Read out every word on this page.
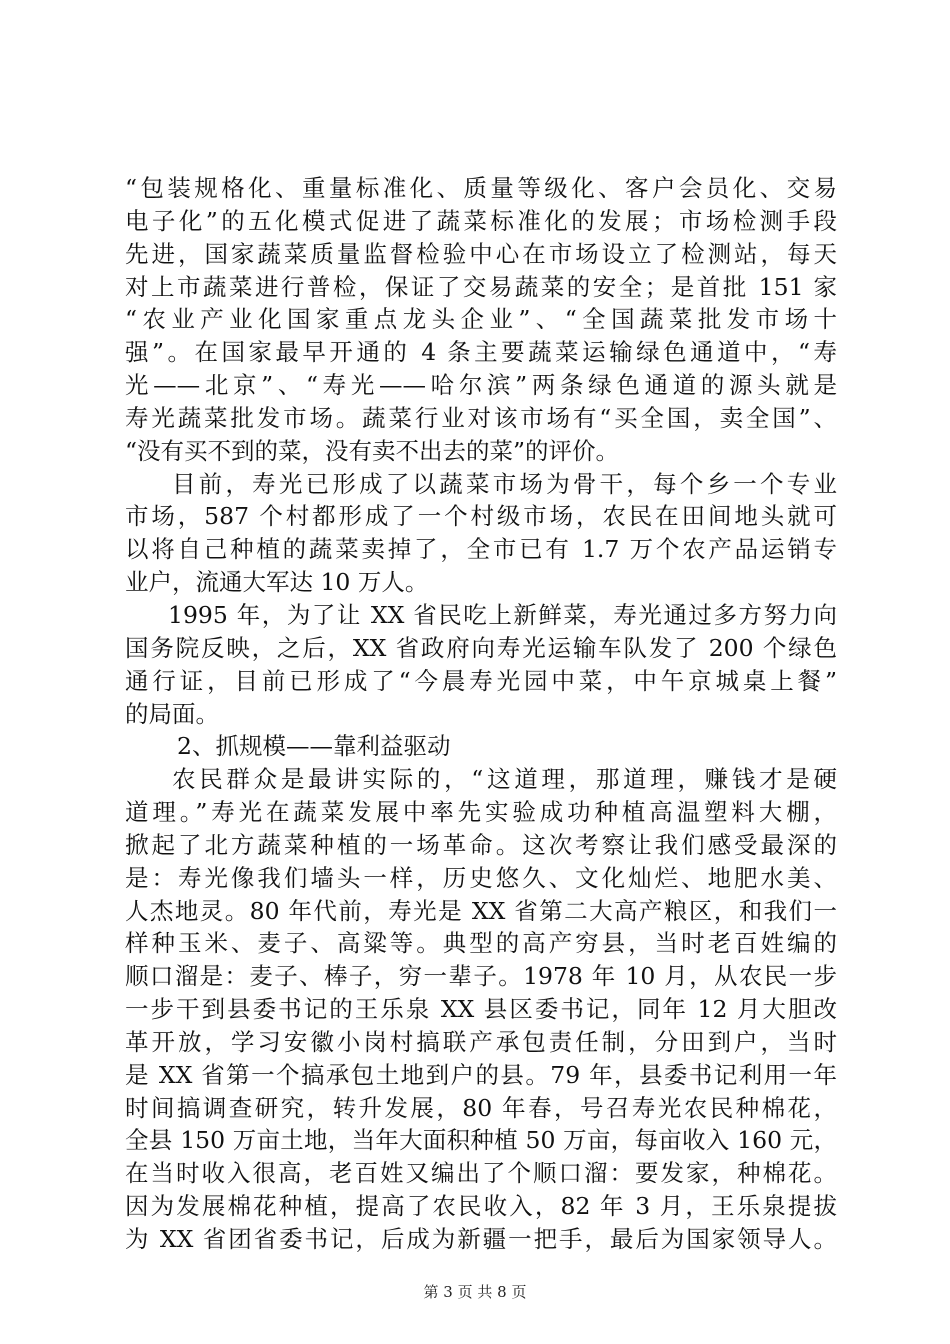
“包装规格化、重量标准化、质量等级化、客户会员化、交易
电子化”的五化模式促进了蔬菜标准化的发展；市场检测手段
先进，国家蔬菜质量监督检验中心在市场设立了检测站，每天
对上市蔬菜进行普检，保证了交易蔬菜的安全；是首批 151 家
“农业产业化国家重点龙头企业”、“全国蔬菜批发市场十
强”。在国家最早开通的 4 条主要蔬菜运输绿色通道中，“寿
光——北京”、“寿光——哈尔滨”两条绿色通道的源头就是
寿光蔬菜批发市场。蔬菜行业对该市场有“买全国，卖全国”、
“没有买不到的菜，没有卖不出去的菜”的评价。
目前，寿光已形成了以蔬菜市场为骨干，每个乡一个专业
市场，587 个村都形成了一个村级市场，农民在田间地头就可
以将自己种植的蔬菜卖掉了，全市已有 1.7 万个农产品运销专
业户，流通大军达 10 万人。
1995 年，为了让 XX 省民吃上新鲜菜，寿光通过多方努力向
国务院反映，之后，XX 省政府向寿光运输车队发了 200 个绿色
通行证，目前已形成了“今晨寿光园中菜，中午京城桌上餐”
的局面。
2、抓规模——靠利益驱动
农民群众是最讲实际的，“这道理，那道理，赚钱才是硬
道理。”寿光在蔬菜发展中率先实验成功种植高温塑料大棚，
掀起了北方蔬菜种植的一场革命。这次考察让我们感受最深的
是：寿光像我们墙头一样，历史悠久、文化灿烂、地肥水美、
人杰地灵。80 年代前，寿光是 XX 省第二大高产粮区，和我们一
样种玉米、麦子、高粱等。典型的高产穷县，当时老百姓编的
顺口溜是：麦子、棒子，穷一辈子。1978 年 10 月，从农民一步
一步干到县委书记的王乐泉 XX 县区委书记，同年 12 月大胆改
革开放，学习安徽小岗村搞联产承包责任制，分田到户，当时
是 XX 省第一个搞承包土地到户的县。79 年，县委书记利用一年
时间搞调查研究，转升发展，80 年春，号召寿光农民种棉花，
全县 150 万亩土地，当年大面积种植 50 万亩，每亩收入 160 元，
在当时收入很高，老百姓又编出了个顺口溜：要发家，种棉花。
因为发展棉花种植，提高了农民收入，82 年 3 月，王乐泉提拔
为 XX 省团省委书记，后成为新疆一把手，最后为国家领导人。
第 3 页 共 8 页
